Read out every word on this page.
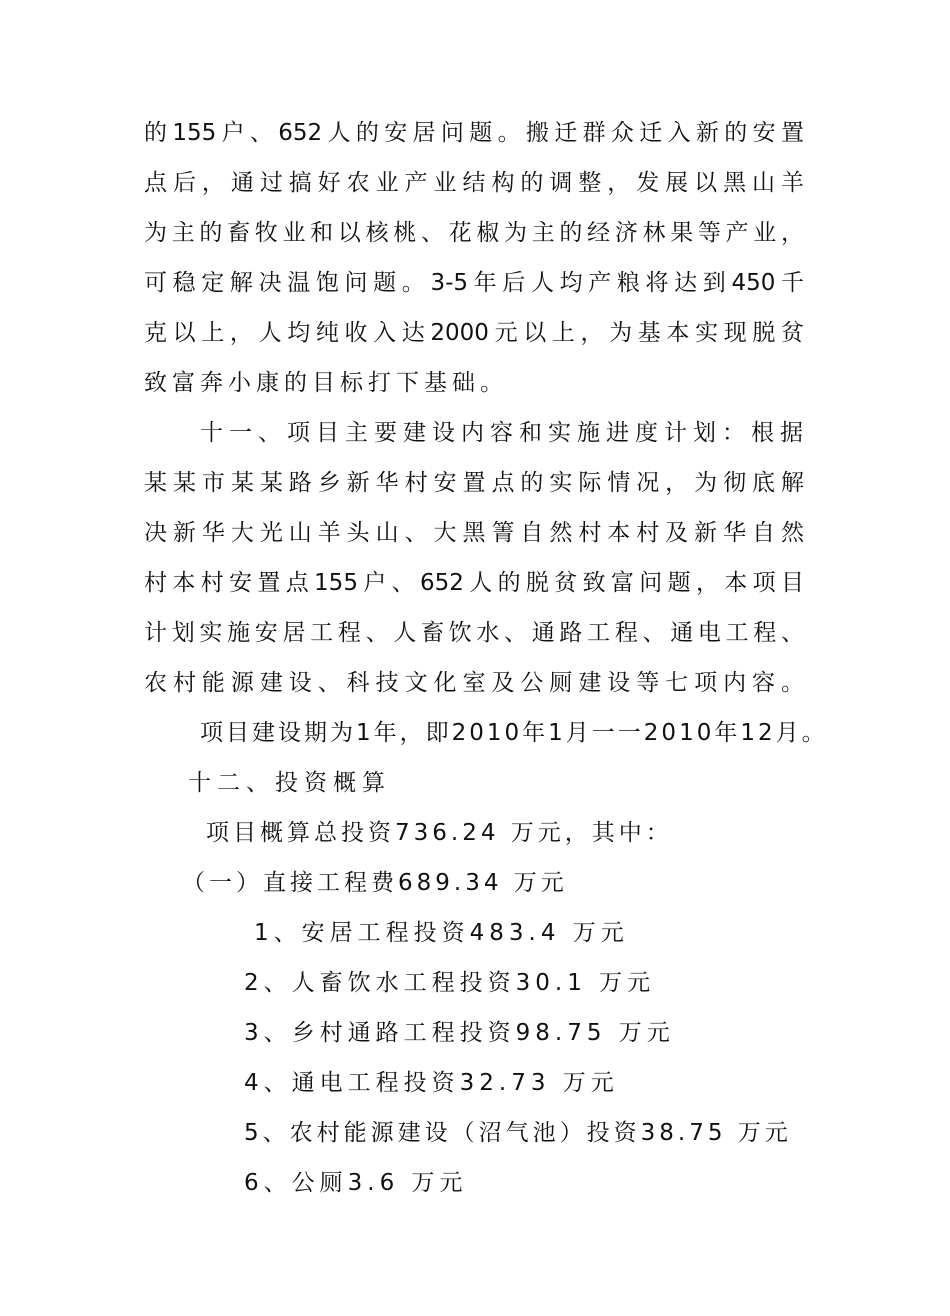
的155户、652人的安居问题。搬迁群众迁入新的安置
点后，通过搞好农业产业结构的调整，发展以黑山羊
为主的畜牧业和以核桃、花椒为主的经济林果等产业，
可稳定解决温饱问题。3-5年后人均产粮将达到450千
克以上，人均纯收入达2000元以上，为基本实现脱贫
致富奔小康的目标打下基础。
十一、项目主要建设内容和实施进度计划：根据
某某市某某路乡新华村安置点的实际情况，为彻底解
决新华大光山羊头山、大黑箐自然村本村及新华自然
村本村安置点155户、652人的脱贫致富问题，本项目
计划实施安居工程、人畜饮水、通路工程、通电工程、
农村能源建设、科技文化室及公厕建设等七项内容。
项目建设期为1年，即2010年1月一一2010年12月。
十二、投资概算
项目概算总投资736.24 万元，其中：
（一）直接工程费689.34 万元
1、安居工程投资483.4 万元
2、人畜饮水工程投资30.1 万元
3、乡村通路工程投资98.75 万元
4、通电工程投资32.73 万元
5、农村能源建设（沼气池）投资38.75 万元
6、公厕3.6 万元
